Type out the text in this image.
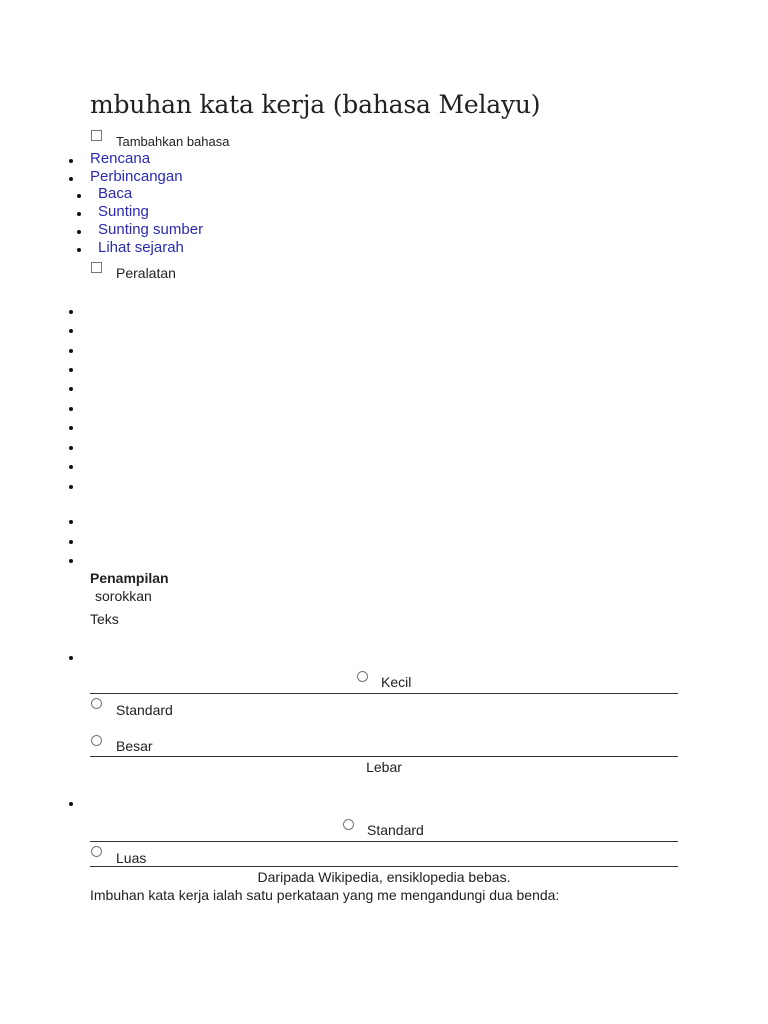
mbuhan kata kerja (bahasa Melayu)
Tambahkan bahasa
Rencana
Perbincangan
Baca
Sunting
Sunting sumber
Lihat sejarah
Peralatan
Penampilan
sorokkan
Teks
Kecil
Standard
Besar
Lebar
Standard
Luas
Daripada Wikipedia, ensiklopedia bebas.
Imbuhan kata kerja ialah satu perkataan yang me mengandungi dua benda:
